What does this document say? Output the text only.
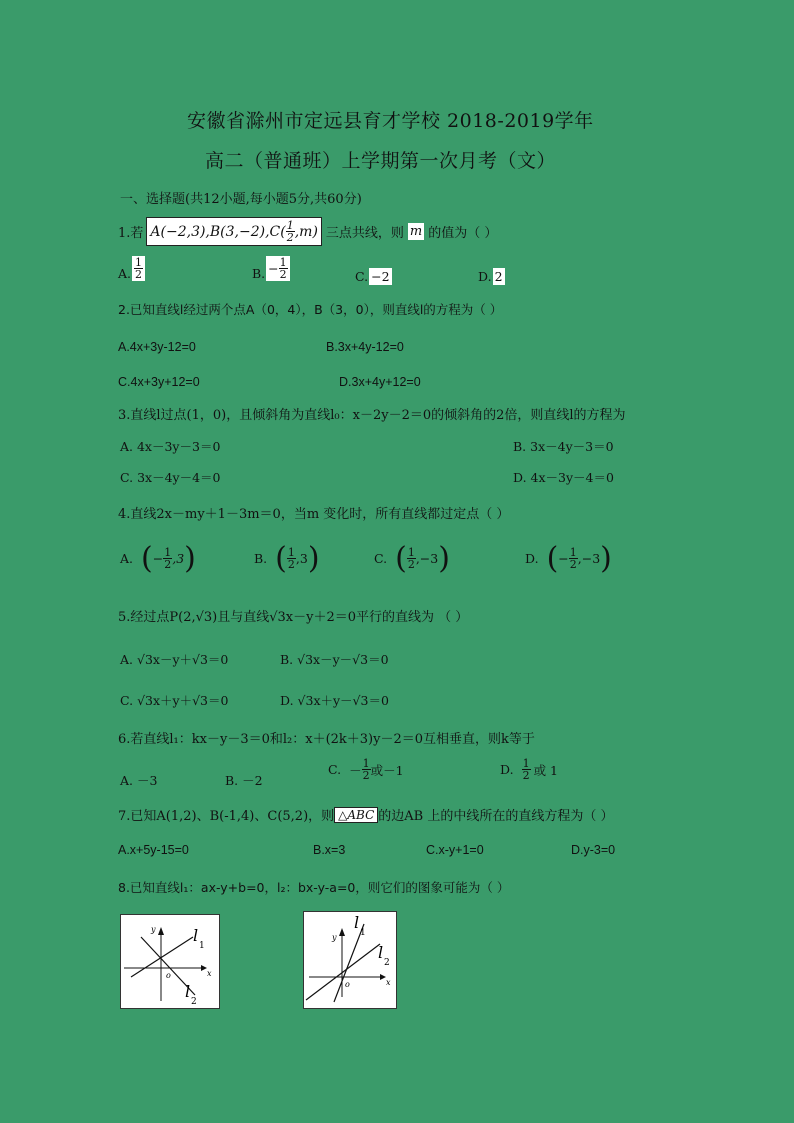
安徽省滁州市定远县育才学校 2018-2019学年
高二（普通班）上学期第一次月考（文）
一、选择题(共12小题,每小题5分,共60分)
1.若 $A(-2,3),B(3,-2),C( \frac{1}{2} ,m)$ 三点共线，则 m 的值为（ ）
A. $\frac{1}{2}$	B. − $\frac{1}{2}$	C. −2	D. 2
2.已知直线l经过两个点A（0，4），B（3，0），则直线l的方程为（ ）
A.4x+3y-12=0	B.3x+4y-12=0
C.4x+3y+12=0	D.3x+4y+12=0
3.直线l过点(1，0)，且倾斜角为直线l₀：x－2y－2＝0的倾斜角的2倍，则直线l的方程为
A. 4x－3y－3＝0	B. 3x－4y－3＝0
C. 3x－4y－4＝0	D. 4x－3y－4＝0
4.直线2x－my＋1－3m＝0，当m 变化时，所有直线都过定点（ ）
A. ( − $\frac{1}{2} ,3$ )	B. ( $\frac{1}{2} ,3$ )	C. ( $\frac{1}{2} ,-3$ )	D. ( − $\frac{1}{2} ,-3$ )
5.经过点P(2,√3)且与直线√3x－y＋2＝0平行的直线为 （ ）
A. √3x－y＋√3＝0	B. √3x－y－√3＝0
C. √3x＋y＋√3＝0	D. √3x＋y－√3＝0
6.若直线l₁：kx－y－3＝0和l₂：x＋(2k＋3)y－2＝0互相垂直，则k等于
A. －3	B. －2
C. － $\frac{1}{2}$ 或－1	D. $\frac{1}{2}$ 或 1
7.已知A(1,2)、B(-1,4)、C(5,2)，则 △ABC 的边AB 上的中线所在的直线方程为（ ）
A.x+5y-15=0	B.x=3	C.x-y+1=0	D.y-3=0
8.已知直线l₁：ax-y+b=0，l₂：bx-y-a=0，则它们的图象可能为（ ）
y
x
o
l
1
l
2
y
x
o
l
1
l
2
